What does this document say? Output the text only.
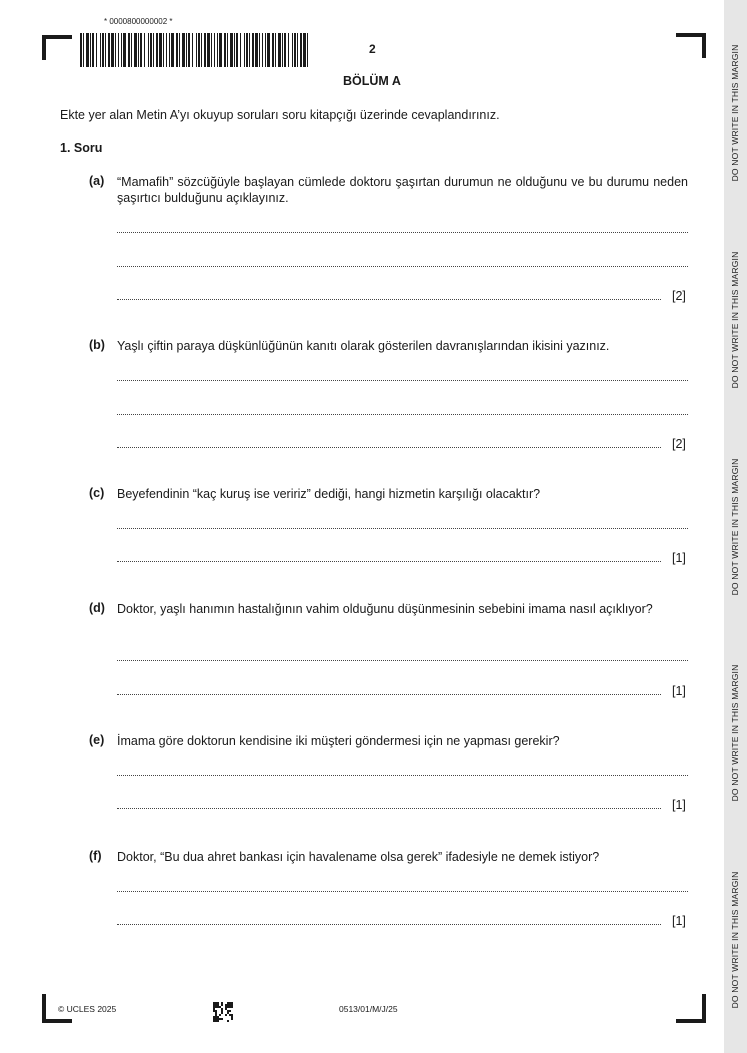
* 0000800000002 *
2
BÖLÜM A	DO NOT WRITE IN THIS MARGIN
DO NOT WRITE IN THIS MARGIN
DO NOT WRITE IN THIS MARGIN
DO NOT WRITE IN THIS MARGIN
DO NOT WRITE IN THIS MARGIN
Ekte yer alan Metin A’yı okuyup soruları soru kitapçığı üzerinde cevaplandırınız.
1. Soru
(a) “Mamafih” sözcüğüyle başlayan cümlede doktoru şaşırtan durumun ne olduğunu ve bu durumu neden şaşırtıcı bulduğunu açıklayınız.
[2]
(b) Yaşlı çiftin paraya düşkünlüğünün kanıtı olarak gösterilen davranışlarından ikisini yazınız.
[2]
(c) Beyefendinin “kaç kuruş ise veririz” dediği, hangi hizmetin karşılığı olacaktır?
[1]
(d) Doktor, yaşlı hanımın hastalığının vahim olduğunu düşünmesinin sebebini imama nasıl açıklıyor?
[1]
(e) İmama göre doktorun kendisine iki müşteri göndermesi için ne yapması gerekir?
[1]
(f) Doktor, “Bu dua ahret bankası için havalename olsa gerek” ifadesiyle ne demek istiyor?
[1]
© UCLES 2025	0513/01/M/J/25
